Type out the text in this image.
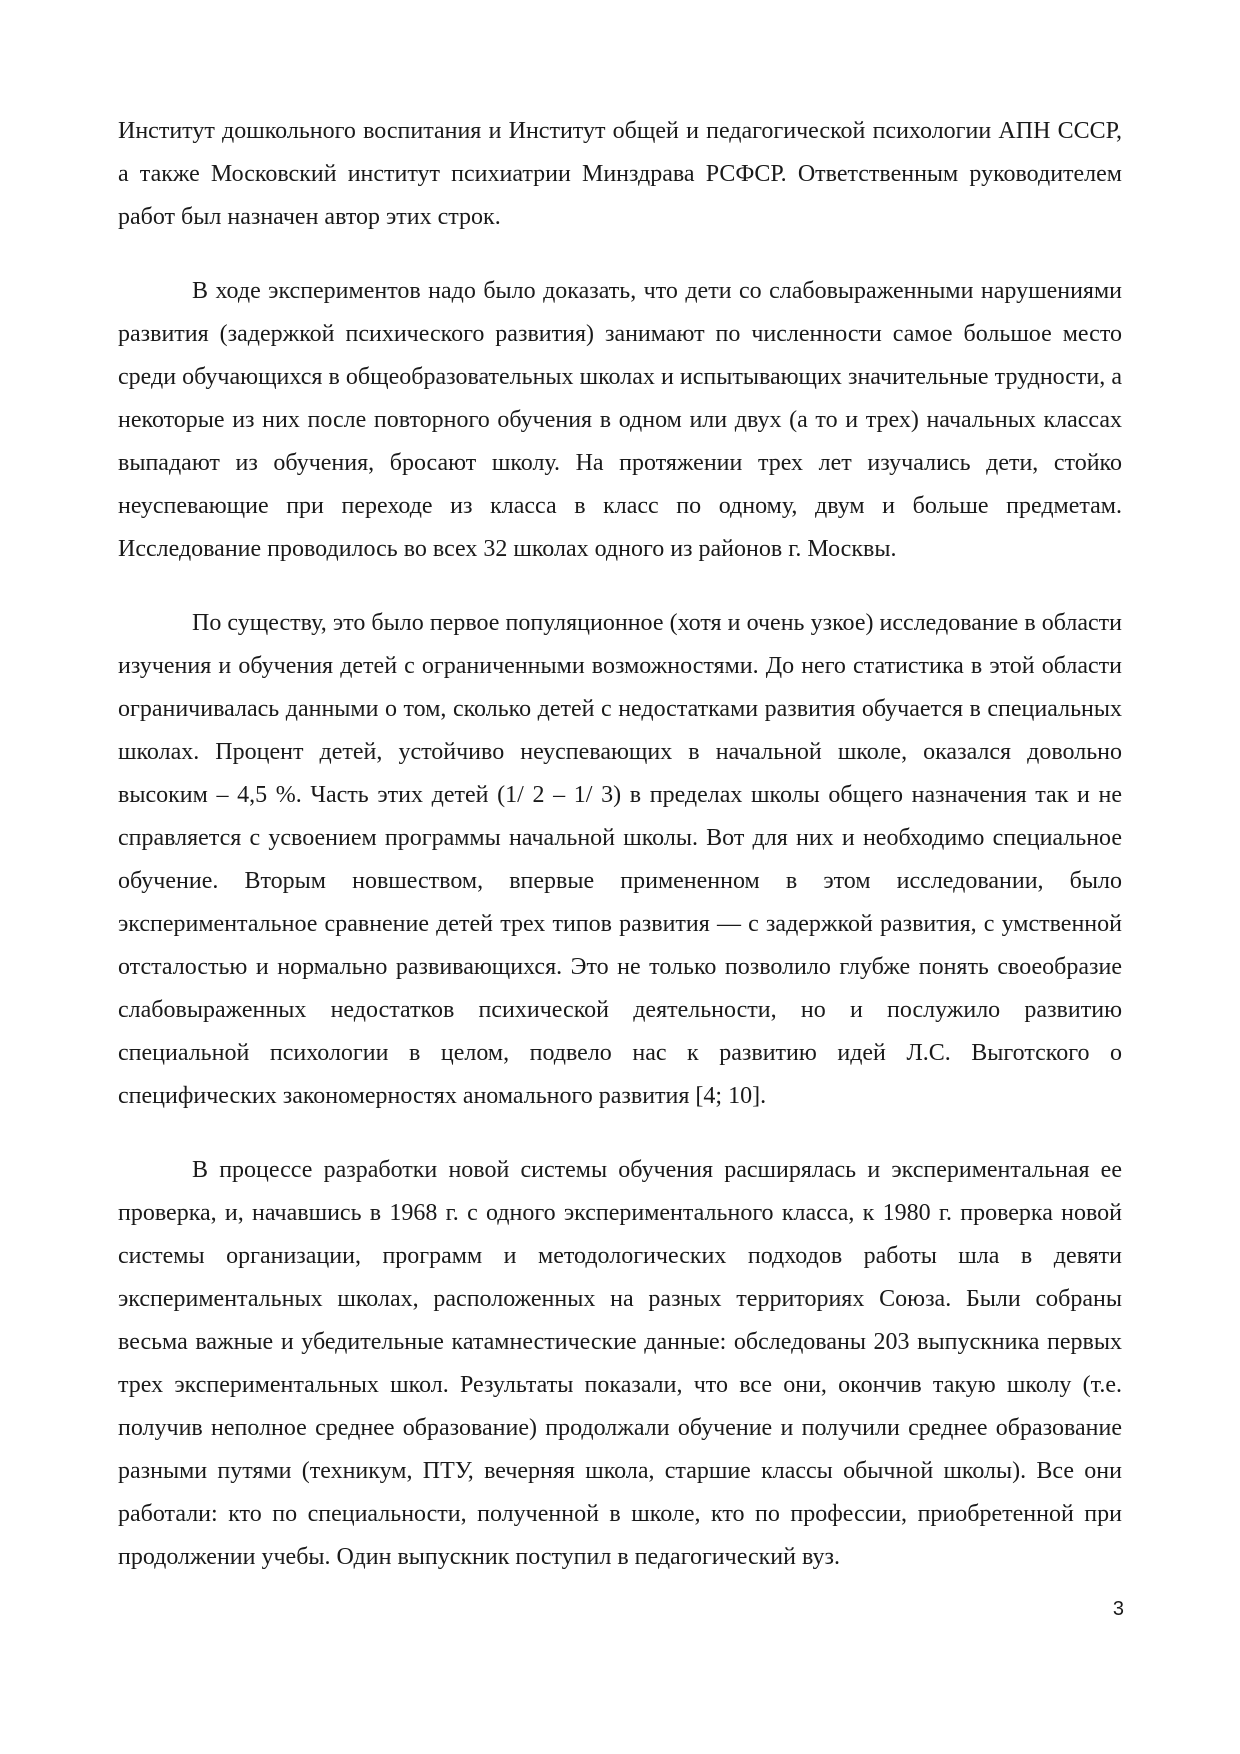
Институт дошкольного воспитания и Институт общей и педагогической психологии АПН СССР, а также Московский институт психиатрии Минздрава РСФСР. Ответственным руководителем работ был назначен автор этих строк.

В ходе экспериментов надо было доказать, что дети со слабовыраженными нарушениями развития (задержкой психического развития) занимают по численности самое большое место среди обучающихся в общеобразовательных школах и испытывающих значительные трудности, а некоторые из них после повторного обучения в одном или двух (а то и трех) начальных классах выпадают из обучения, бросают школу. На протяжении трех лет изучались дети, стойко неуспевающие при переходе из класса в класс по одному, двум и больше предметам. Исследование проводилось во всех 32 школах одного из районов г. Москвы.

По существу, это было первое популяционное (хотя и очень узкое) исследование в области изучения и обучения детей с ограниченными возможностями. До него статистика в этой области ограничивалась данными о том, сколько детей с недостатками развития обучается в специальных школах. Процент детей, устойчиво неуспевающих в начальной школе, оказался довольно высоким – 4,5 %. Часть этих детей (1/ 2 – 1/ 3) в пределах школы общего назначения так и не справляется с усвоением программы начальной школы. Вот для них и необходимо специальное обучение. Вторым новшеством, впервые примененном в этом исследовании, было экспериментальное сравнение детей трех типов развития — с задержкой развития, с умственной отсталостью и нормально развивающихся. Это не только позволило глубже понять своеобразие слабовыраженных недостатков психической деятельности, но и послужило развитию специальной психологии в целом, подвело нас к развитию идей Л.С. Выготского о специфических закономерностях аномального развития [4; 10].

В процессе разработки новой системы обучения расширялась и экспериментальная ее проверка, и, начавшись в 1968 г. с одного экспериментального класса, к 1980 г. проверка новой системы организации, программ и методологических подходов работы шла в девяти экспериментальных школах, расположенных на разных территориях Союза. Были собраны весьма важные и убедительные катамнестические данные: обследованы 203 выпускника первых трех экспериментальных школ. Результаты показали, что все они, окончив такую школу (т.е. получив неполное среднее образование) продолжали обучение и получили среднее образование разными путями (техникум, ПТУ, вечерняя школа, старшие классы обычной школы). Все они работали: кто по специальности, полученной в школе, кто по профессии, приобретенной при продолжении учебы. Один выпускник поступил в педагогический вуз.

3
